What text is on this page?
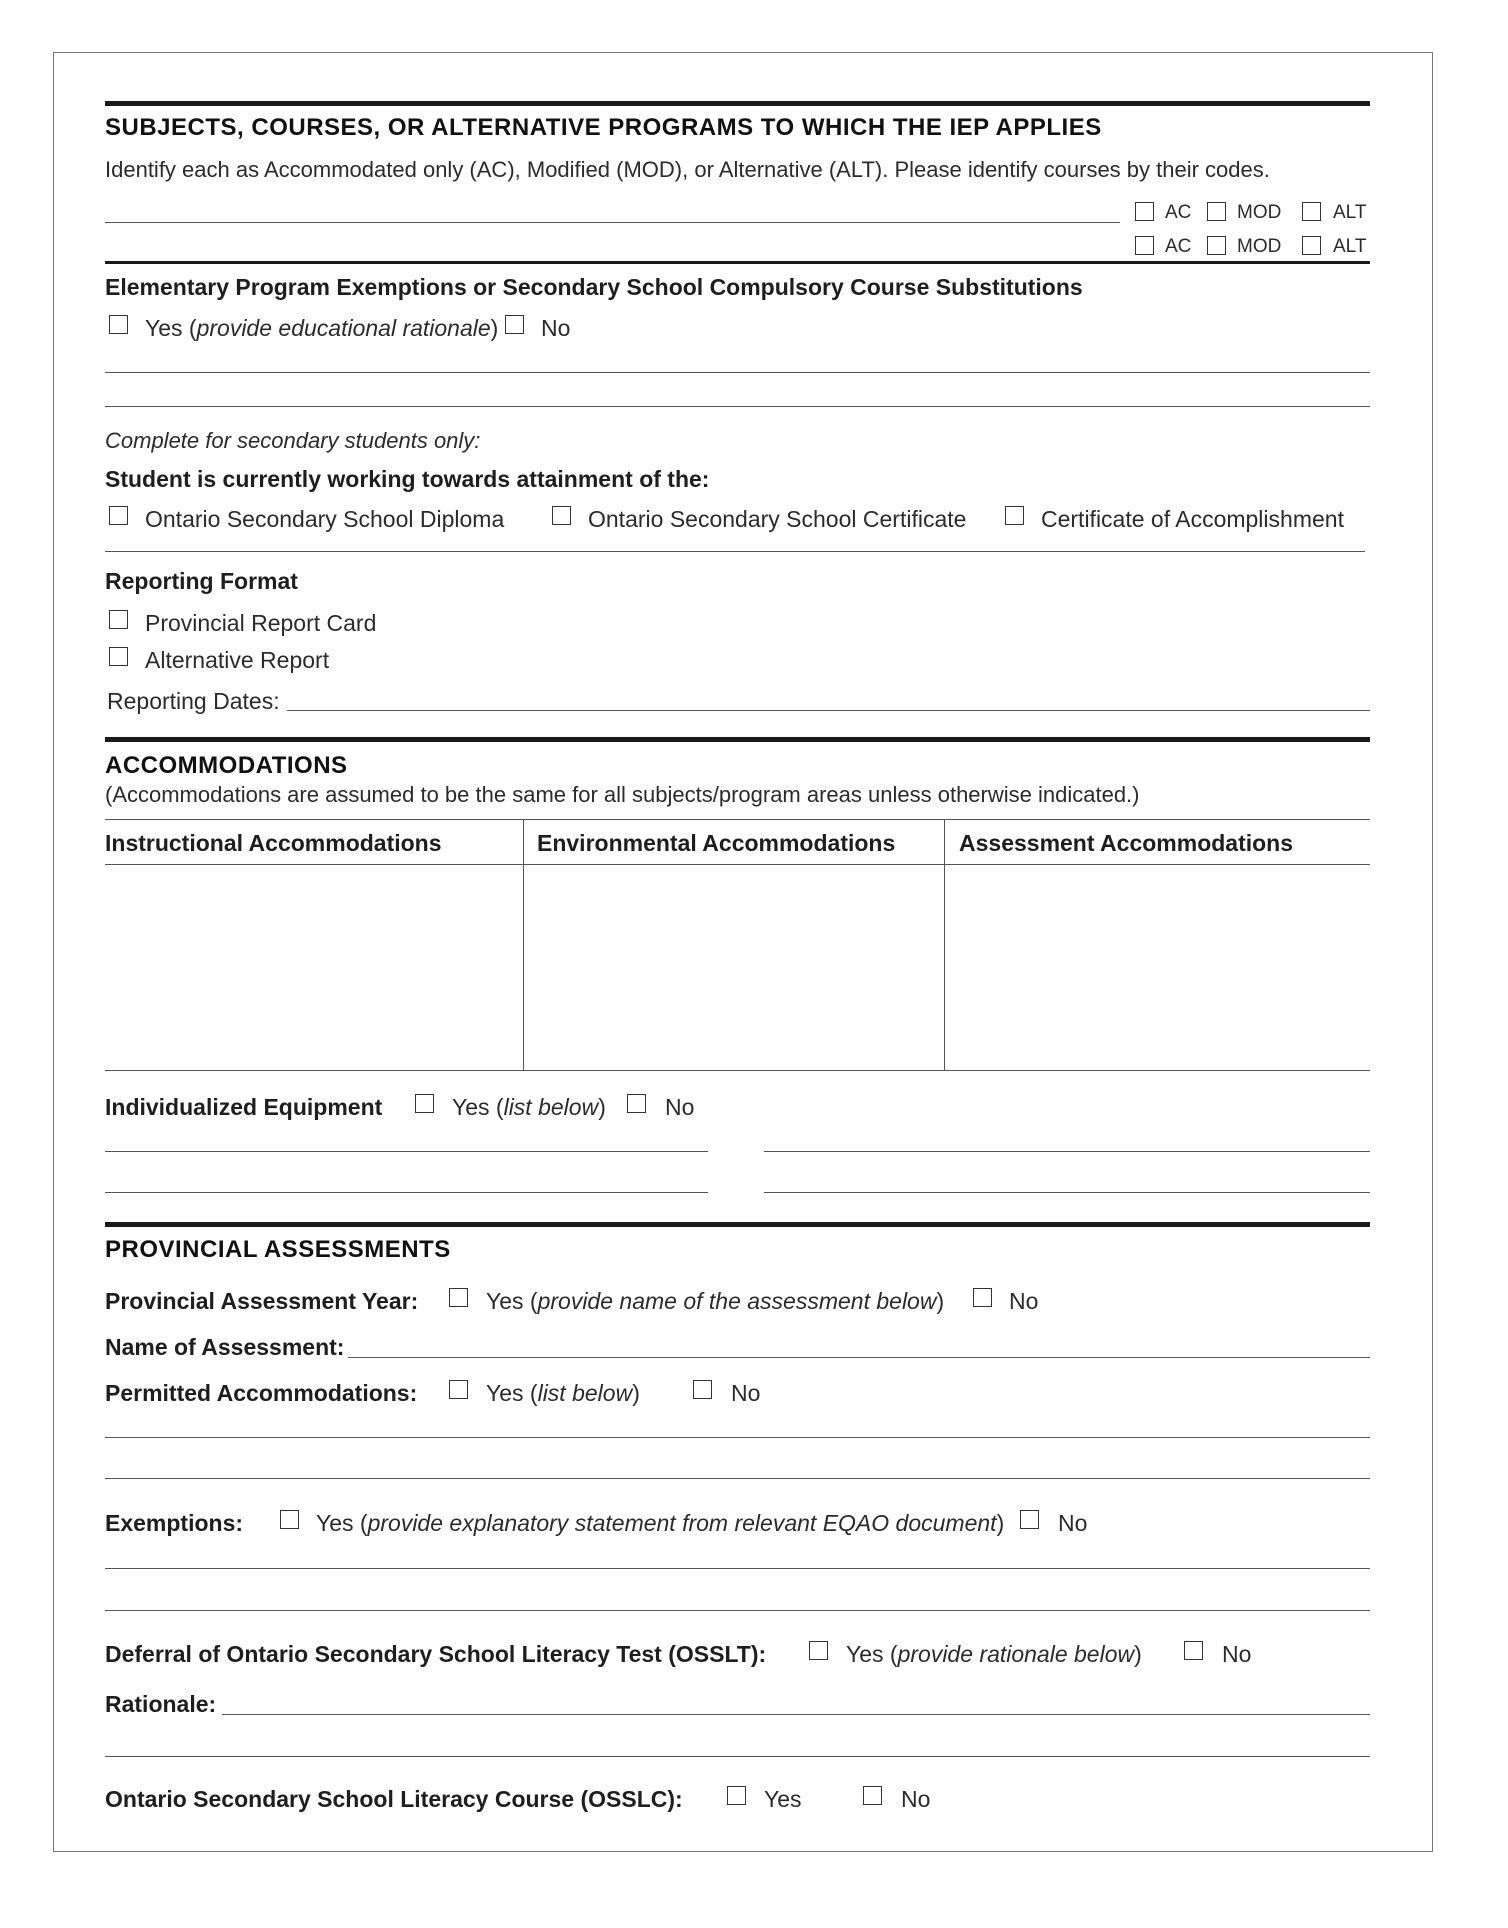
SUBJECTS, COURSES, OR ALTERNATIVE PROGRAMS TO WHICH THE IEP APPLIES
Identify each as Accommodated only (AC), Modified (MOD), or Alternative (ALT). Please identify courses by their codes.
AC MOD	ALT
AC MOD	ALT
Elementary Program Exemptions or Secondary School Compulsory Course Substitutions
Yes (provide educational rationale) No
Complete for secondary students only:
Student is currently working towards attainment of the:
Ontario Secondary School Diploma	Ontario Secondary School Certificate	Certificate of Accomplishment
Reporting Format
Provincial Report Card
Alternative Report
Reporting Dates:
ACCOMMODATIONS
(Accommodations are assumed to be the same for all subjects/program areas unless otherwise indicated.)
Instructional Accommodations	Environmental Accommodations	Assessment Accommodations
Individualized Equipment	Yes (list below)	No
PROVINCIAL ASSESSMENTS
Provincial Assessment Year:	Yes (provide name of the assessment below)	No
Name of Assessment:
Permitted Accommodations:	Yes (list below)	No
Exemptions:	Yes (provide explanatory statement from relevant EQAO document) No
Deferral of Ontario Secondary School Literacy Test (OSSLT):	Yes (provide rationale below)	No
Rationale:
Ontario Secondary School Literacy Course (OSSLC):	Yes	No
